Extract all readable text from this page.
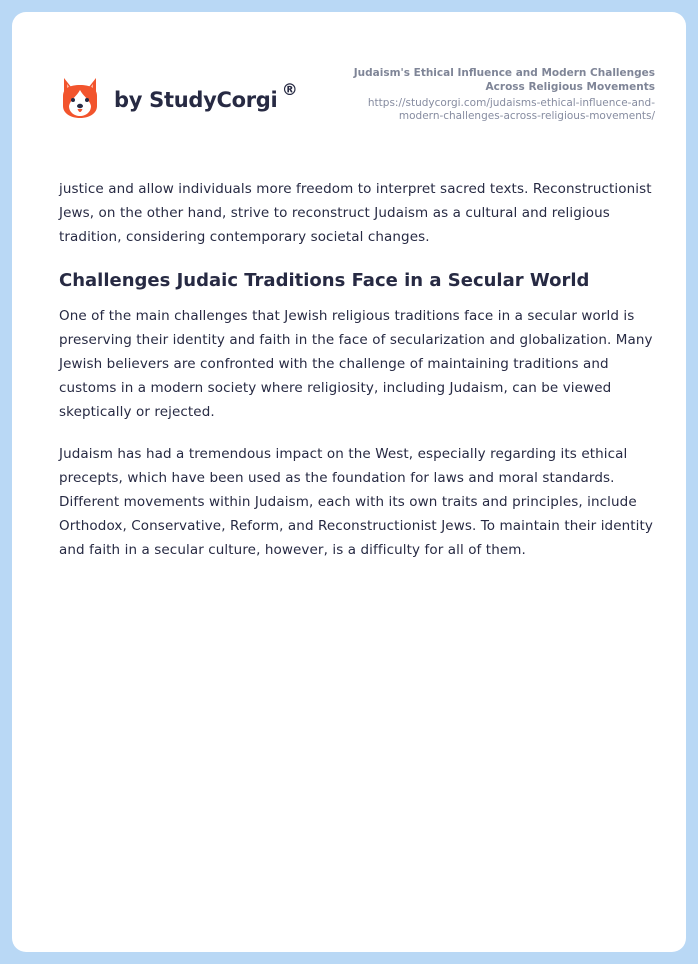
by StudyCorgi ®
Judaism's Ethical Influence and Modern Challenges Across Religious Movements
https://studycorgi.com/judaisms-ethical-influence-and-modern-challenges-across-religious-movements/

justice and allow individuals more freedom to interpret sacred texts. Reconstructionist Jews, on the other hand, strive to reconstruct Judaism as a cultural and religious tradition, considering contemporary societal changes.

Challenges Judaic Traditions Face in a Secular World

One of the main challenges that Jewish religious traditions face in a secular world is preserving their identity and faith in the face of secularization and globalization. Many Jewish believers are confronted with the challenge of maintaining traditions and customs in a modern society where religiosity, including Judaism, can be viewed skeptically or rejected.

Judaism has had a tremendous impact on the West, especially regarding its ethical precepts, which have been used as the foundation for laws and moral standards. Different movements within Judaism, each with its own traits and principles, include Orthodox, Conservative, Reform, and Reconstructionist Jews. To maintain their identity and faith in a secular culture, however, is a difficulty for all of them.
